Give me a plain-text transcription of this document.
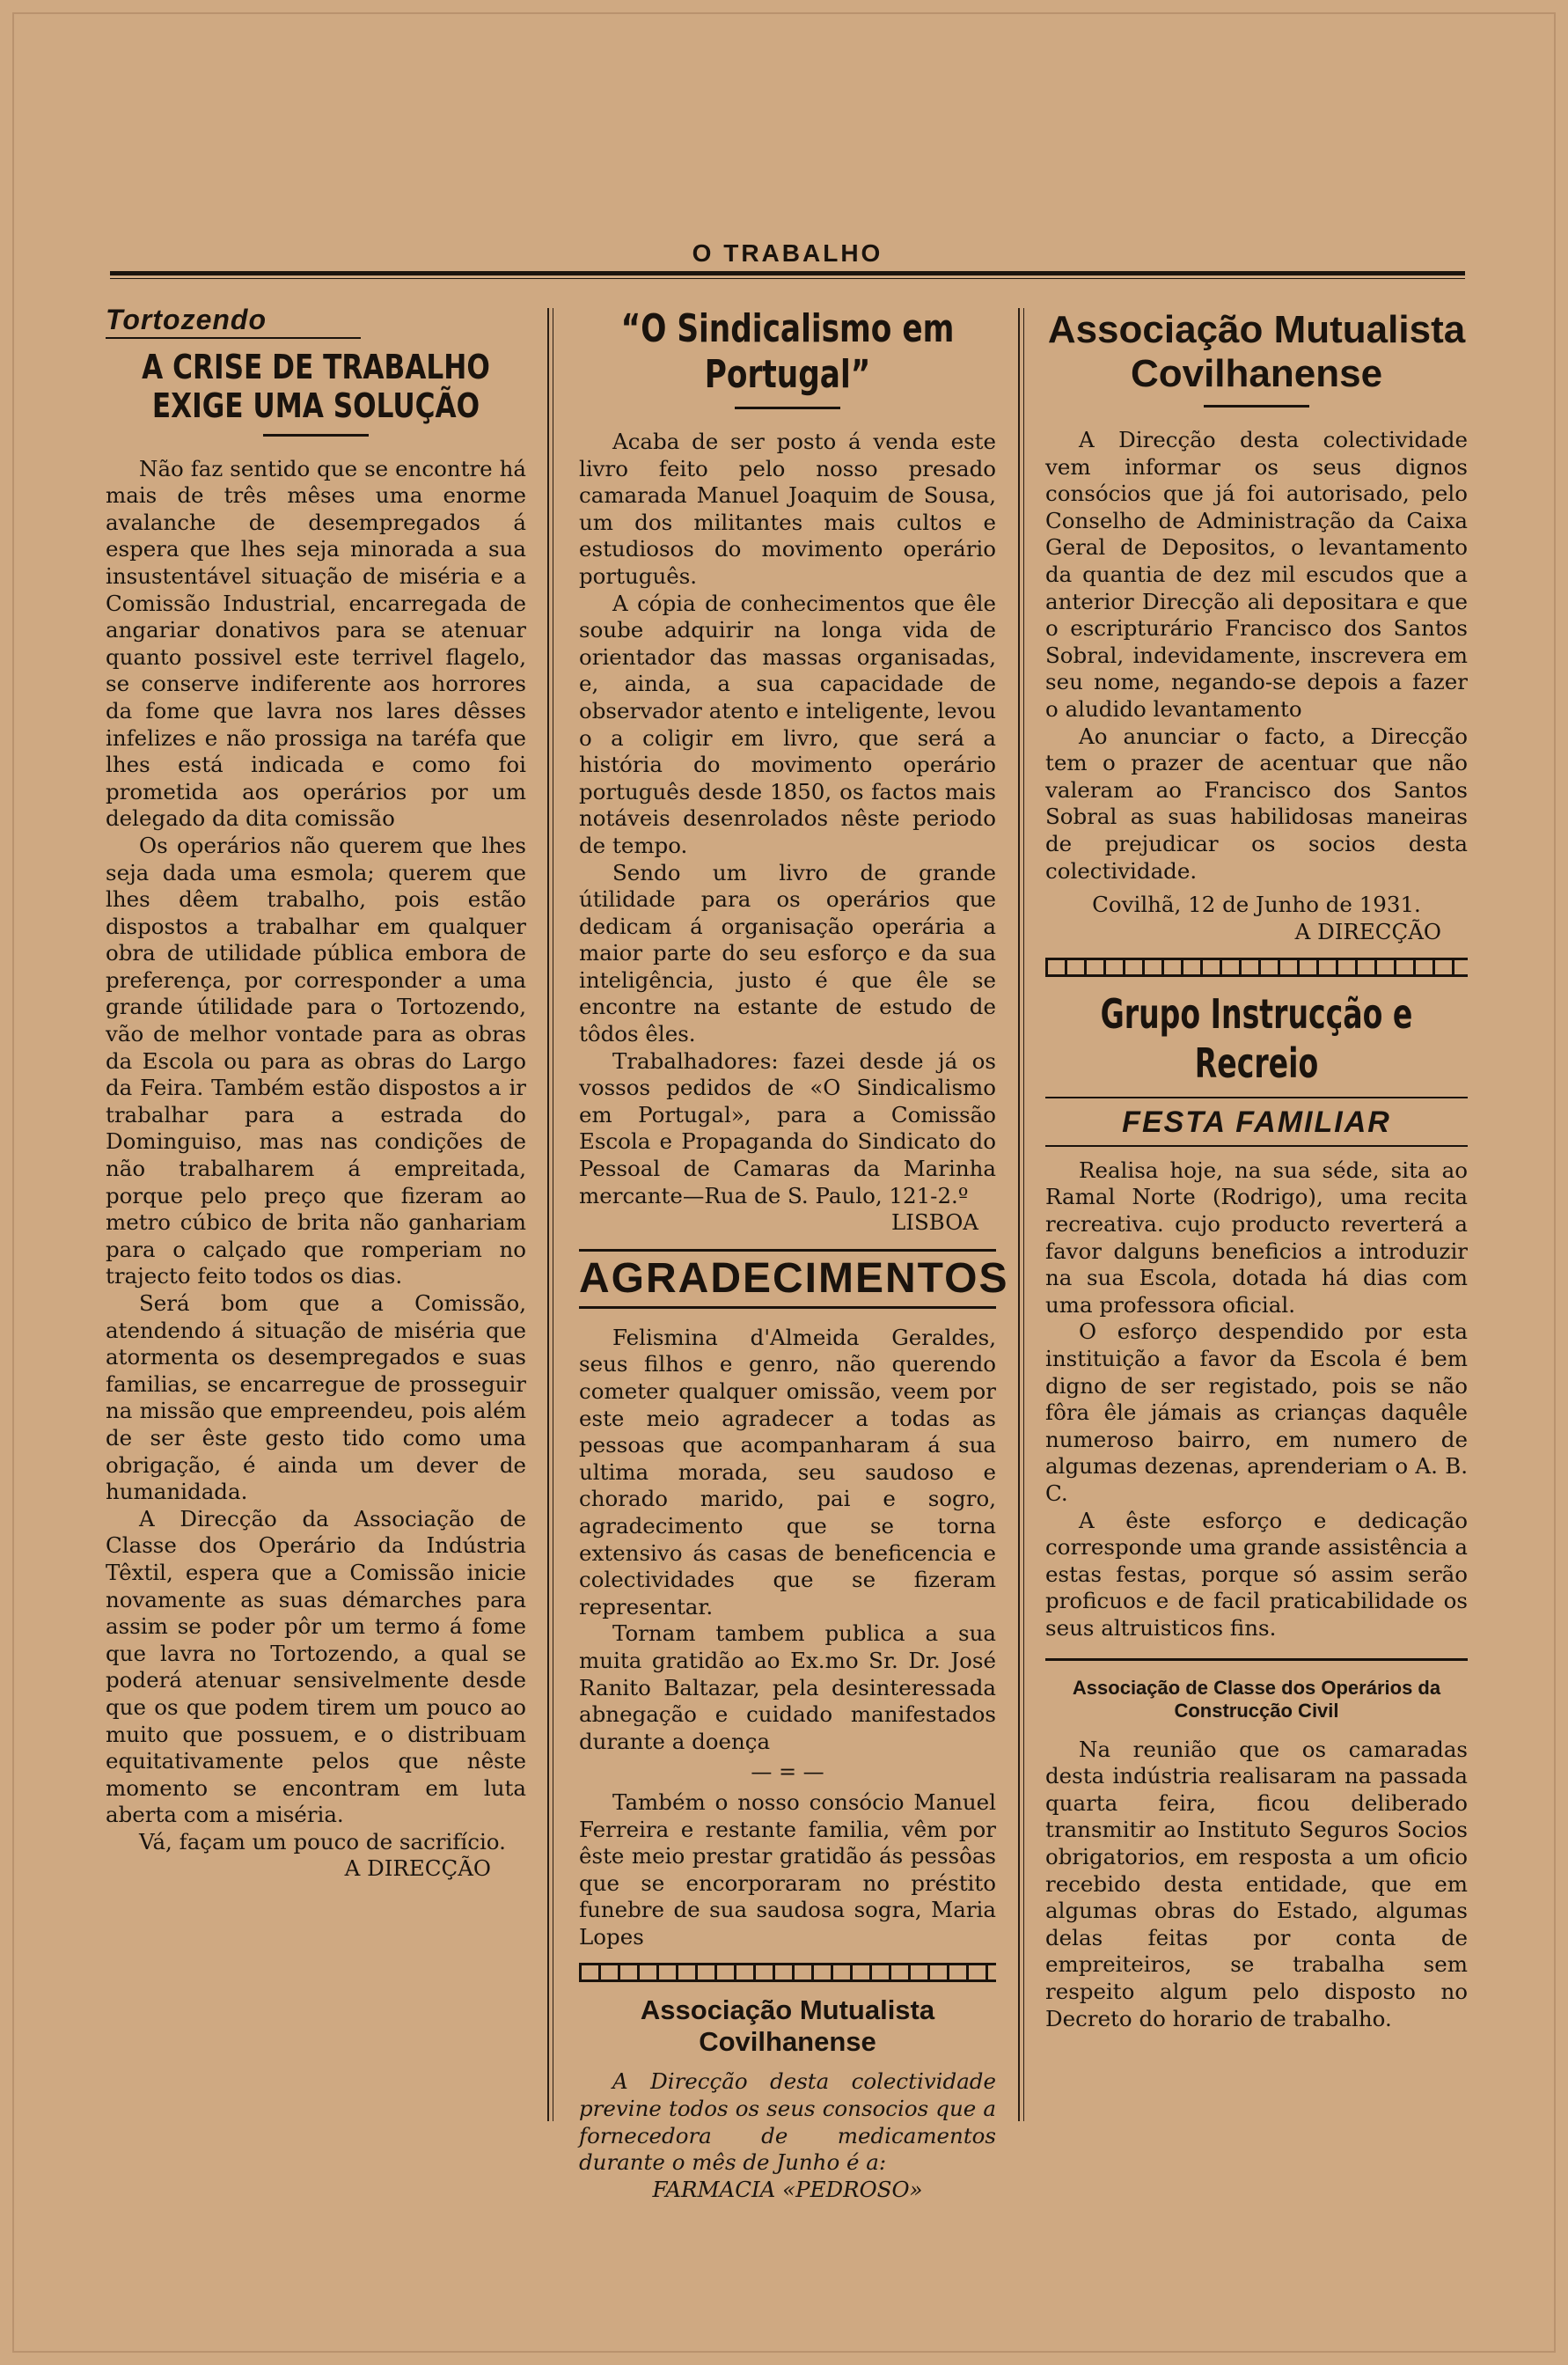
O TRABALHO
Tortozendo
A CRISE DE TRABALHO EXIGE UMA SOLUÇÃO

Não faz sentido que se encontre há mais de três mêses uma enorme avalanche de desempregados á espera que lhes seja minorada a sua insustentável situação de miséria e a Comissão Industrial, encarregada de angariar donativos para se atenuar quanto possivel este terrivel flagelo, se conserve indiferente aos horrores da fome que lavra nos lares dêsses infelizes e não prossiga na taréfa que lhes está indicada e como foi prometida aos operários por um delegado da dita comissão

Os operários não querem que lhes seja dada uma esmola; querem que lhes dêem trabalho, pois estão dispostos a trabalhar em qualquer obra de utilidade pública embora de preferença, por corresponder a uma grande útilidade para o Tortozendo, vão de melhor vontade para as obras da Escola ou para as obras do Largo da Feira. Também estão dispostos a ir trabalhar para a estrada do Dominguiso, mas nas condições de não trabalharem á empreitada, porque pelo preço que fizeram ao metro cúbico de brita não ganhariam para o calçado que romperiam no trajecto feito todos os dias.

Será bom que a Comissão, atendendo á situação de miséria que atormenta os desempregados e suas familias, se encarregue de prosseguir na missão que empreendeu, pois além de ser êste gesto tido como uma obrigação, é ainda um dever de humanidada.

A Direcção da Associação de Classe dos Operário da Indústria Têxtil, espera que a Comissão inicie novamente as suas démarches para assim se poder pôr um termo á fome que lavra no Tortozendo, a qual se poderá atenuar sensivelmente desde que os que podem tirem um pouco ao muito que possuem, e o distribuam equitativamente pelos que nêste momento se encontram em luta aberta com a miséria.

Vá, façam um pouco de sacrifício.

A DIRECÇÃO

“O Sindicalismo em Portugal”

Acaba de ser posto á venda este livro feito pelo nosso presado camarada Manuel Joaquim de Sousa, um dos militantes mais cultos e estudiosos do movimento operário português.

A cópia de conhecimentos que êle soube adquirir na longa vida de orientador das massas organisadas, e, ainda, a sua capacidade de observador atento e inteligente, levou o a coligir em livro, que será a história do movimento operário português desde 1850, os factos mais notáveis desenrolados nêste periodo de tempo.

Sendo um livro de grande útilidade para os operários que dedicam á organisação operária a maior parte do seu esforço e da sua inteligência, justo é que êle se encontre na estante de estudo de tôdos êles.

Trabalhadores: fazei desde já os vossos pedidos de «O Sindicalismo em Portugal», para a Comissão Escola e Propaganda do Sindicato do Pessoal de Camaras da Marinha mercante—Rua de S. Paulo, 121-2.º

LISBOA

AGRADECIMENTOS

Felismina d'Almeida Geraldes, seus filhos e genro, não querendo cometer qualquer omissão, veem por este meio agradecer a todas as pessoas que acompanharam á sua ultima morada, seu saudoso e chorado marido, pai e sogro, agradecimento que se torna extensivo ás casas de beneficencia e colectividades que se fizeram representar.

Tornam tambem publica a sua muita gratidão ao Ex.mo Sr. Dr. José Ranito Baltazar, pela desinteressada abnegação e cuidado manifestados durante a doença

— = —

Também o nosso consócio Manuel Ferreira e restante familia, vêm por êste meio prestar gratidão ás pessôas que se encorporaram no préstito funebre de sua saudosa sogra, Maria Lopes

Associação Mutualista Covilhanense

A Direcção desta colectividade previne todos os seus consocios que a fornecedora de medicamentos durante o mês de Junho é a:

FARMACIA «PEDROSO»

Associação Mutualista Covilhanense

A Direcção desta colectividade vem informar os seus dignos consócios que já foi autorisado, pelo Conselho de Administração da Caixa Geral de Depositos, o levantamento da quantia de dez mil escudos que a anterior Direcção ali depositara e que o escripturário Francisco dos Santos Sobral, indevidamente, inscrevera em seu nome, negando-se depois a fazer o aludido levantamento

Ao anunciar o facto, a Direcção tem o prazer de acentuar que não valeram ao Francisco dos Santos Sobral as suas habilidosas maneiras de prejudicar os socios desta colectividade.

Covilhã, 12 de Junho de 1931.

A DIRECÇÃO

Grupo Instrucção e Recreio
FESTA FAMILIAR

Realisa hoje, na sua séde, sita ao Ramal Norte (Rodrigo), uma recita recreativa. cujo producto reverterá a favor dalguns beneficios a introduzir na sua Escola, dotada há dias com uma professora oficial.

O esforço despendido por esta instituição a favor da Escola é bem digno de ser registado, pois se não fôra êle jámais as crianças daquêle numeroso bairro, em numero de algumas dezenas, aprenderiam o A. B. C.

A êste esforço e dedicação corresponde uma grande assistência a estas festas, porque só assim serão proficuos e de facil praticabilidade os seus altruisticos fins.

Associação de Classe dos Operários da Construcção Civil

Na reunião que os camaradas desta indústria realisaram na passada quarta feira, ficou deliberado transmitir ao Instituto Seguros Socios obrigatorios, em resposta a um oficio recebido desta entidade, que em algumas obras do Estado, algumas delas feitas por conta de empreiteiros, se trabalha sem respeito algum pelo disposto no Decreto do horario de trabalho.
